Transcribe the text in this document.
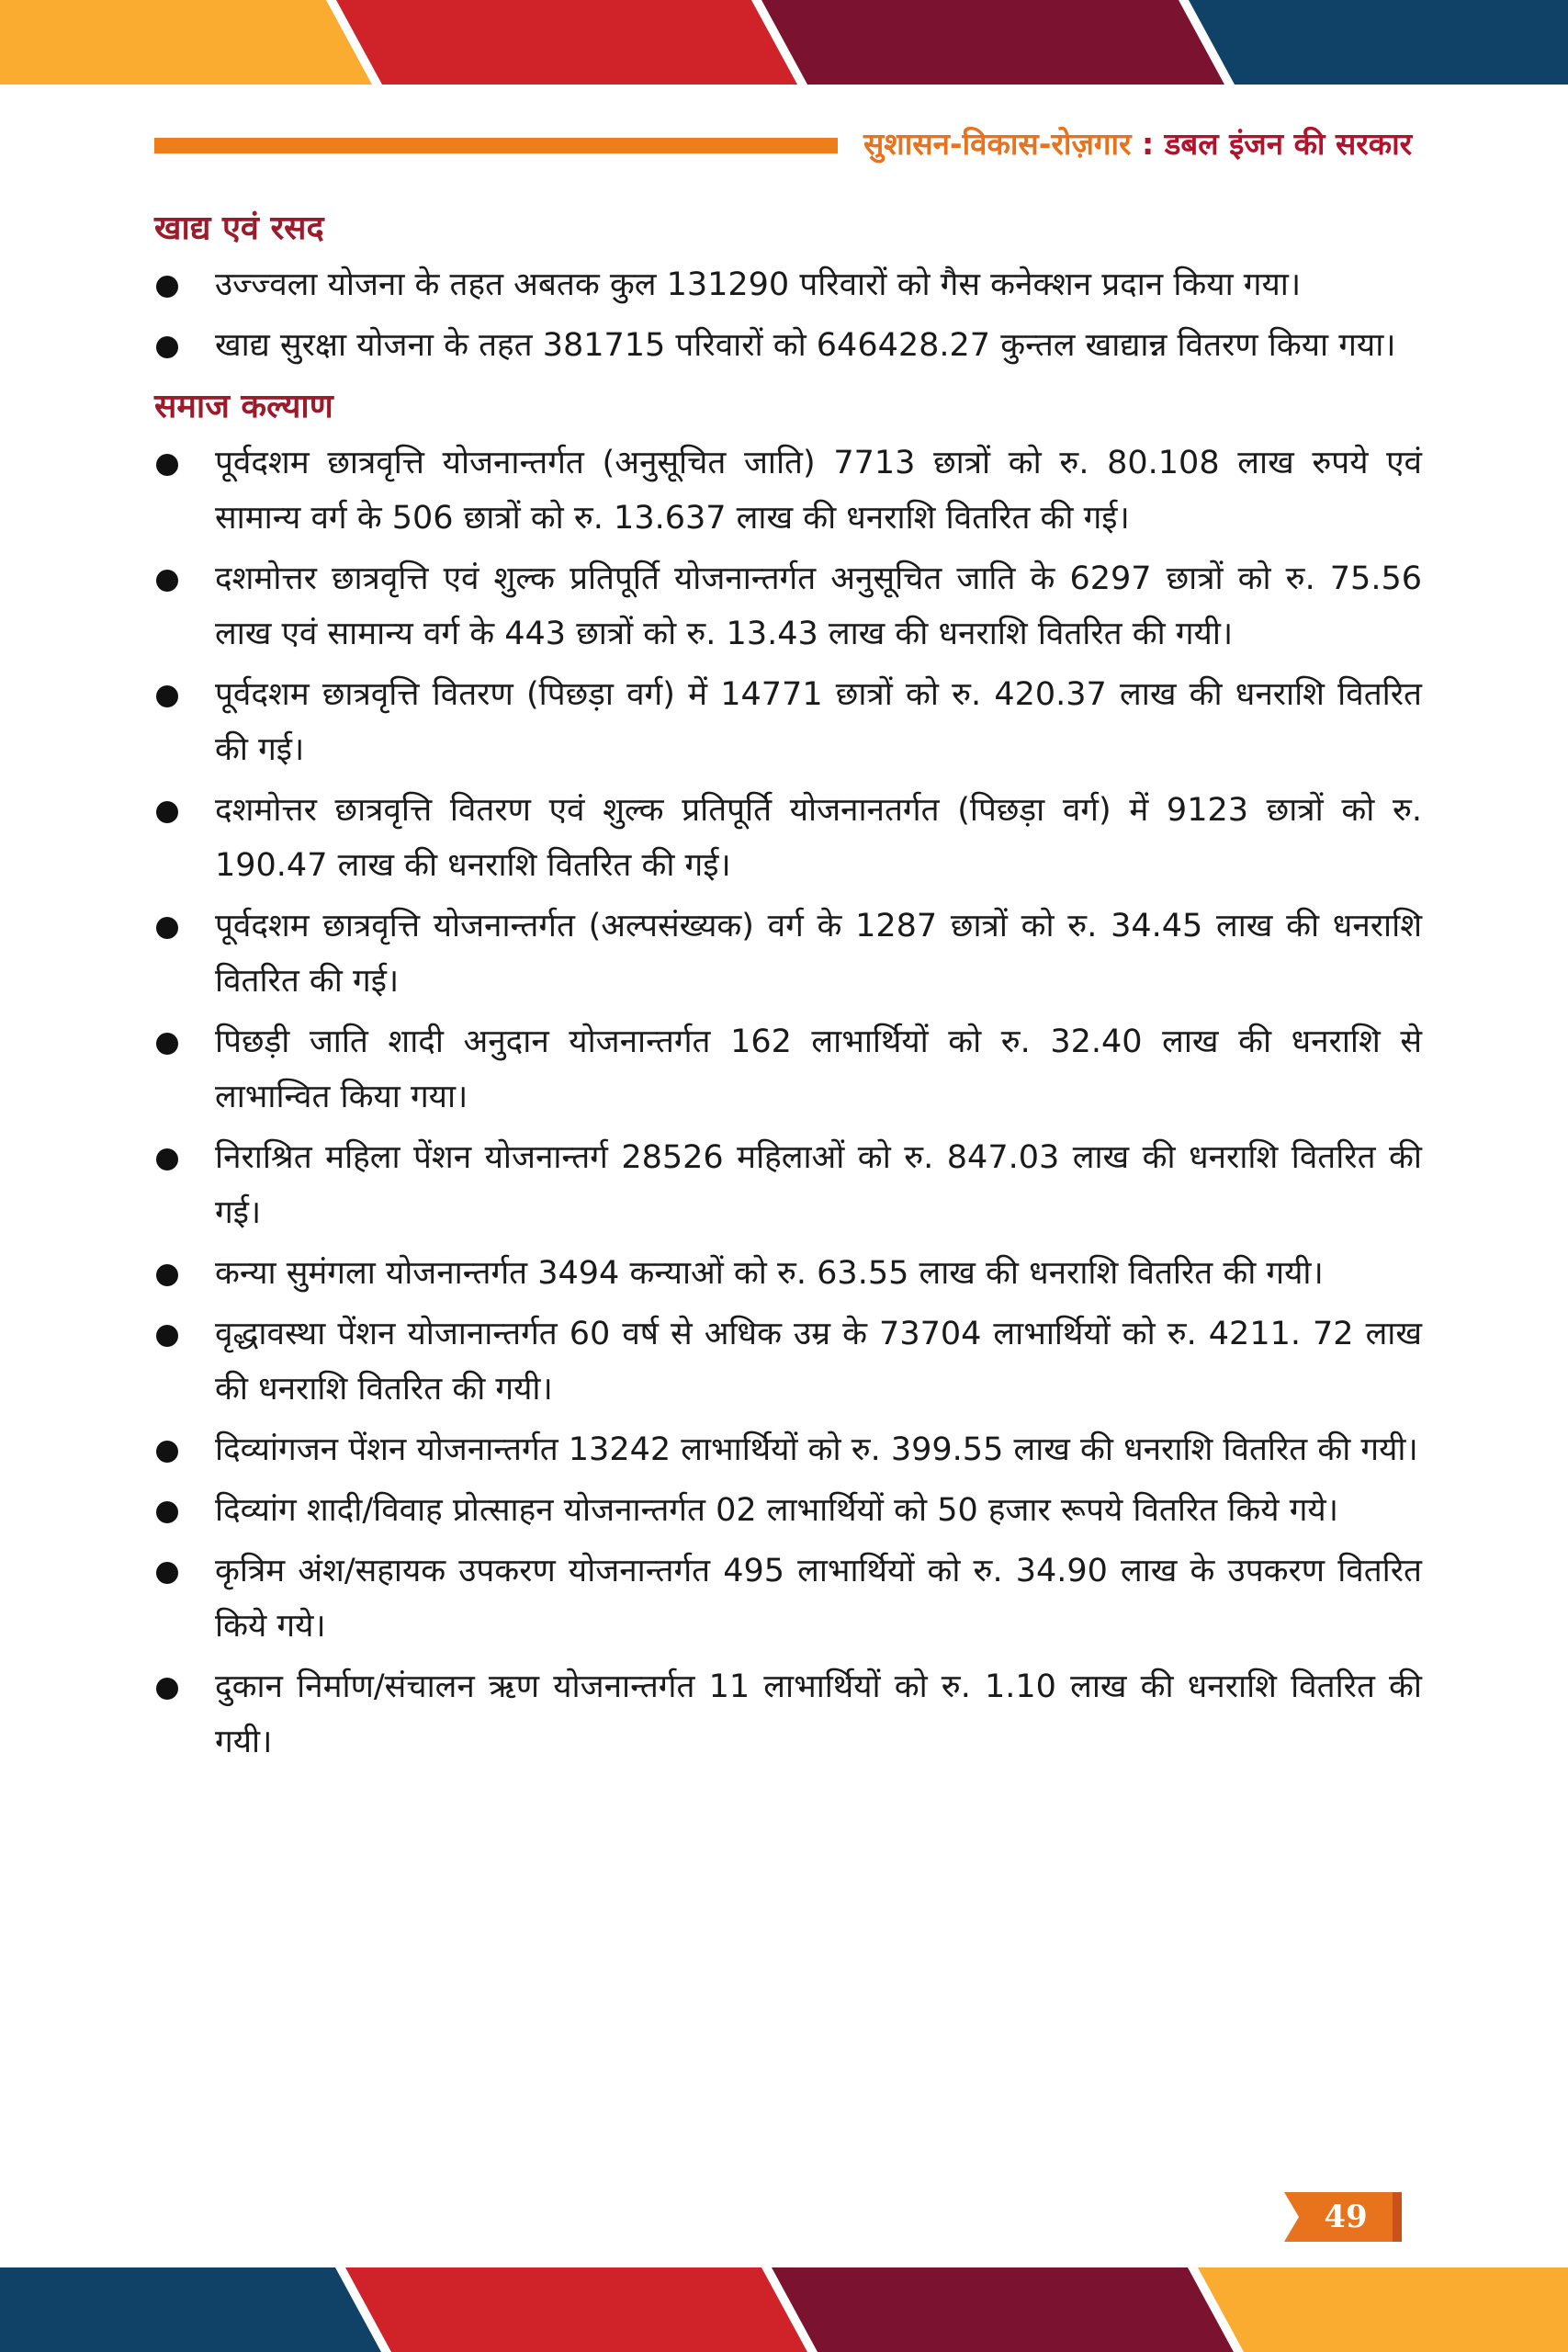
सुशासन-विकास-रोज़गार : डबल इंजन की सरकार
खाद्य एवं रसद
उज्ज्वला योजना के तहत अबतक कुल 131290 परिवारों को गैस कनेक्शन प्रदान किया गया।
खाद्य सुरक्षा योजना के तहत 381715 परिवारों को 646428.27 कुन्तल खाद्यान्न वितरण किया गया।
समाज कल्याण
पूर्वदशम छात्रवृत्ति योजनान्तर्गत (अनुसूचित जाति) 7713 छात्रों को रु. 80.108 लाख रुपये एवं सामान्य वर्ग के 506 छात्रों को रु. 13.637 लाख की धनराशि वितरित की गई।
दशमोत्तर छात्रवृत्ति एवं शुल्क प्रतिपूर्ति योजनान्तर्गत अनुसूचित जाति के 6297 छात्रों को रु. 75.56 लाख एवं सामान्य वर्ग के 443 छात्रों को रु. 13.43 लाख की धनराशि वितरित की गयी।
पूर्वदशम छात्रवृत्ति वितरण (पिछड़ा वर्ग) में 14771 छात्रों को रु. 420.37 लाख की धनराशि वितरित की गई।
दशमोत्तर छात्रवृत्ति वितरण एवं शुल्क प्रतिपूर्ति योजनानतर्गत (पिछड़ा वर्ग) में 9123 छात्रों को रु. 190.47 लाख की धनराशि वितरित की गई।
पूर्वदशम छात्रवृत्ति योजनान्तर्गत (अल्पसंख्यक) वर्ग के 1287 छात्रों को रु. 34.45 लाख की धनराशि वितरित की गई।
पिछड़ी जाति शादी अनुदान योजनान्तर्गत 162 लाभार्थियों को रु. 32.40 लाख की धनराशि से लाभान्वित किया गया।
निराश्रित महिला पेंशन योजनान्तर्ग 28526 महिलाओं को रु. 847.03 लाख की धनराशि वितरित की गई।
कन्या सुमंगला योजनान्तर्गत 3494 कन्याओं को रु. 63.55 लाख की धनराशि वितरित की गयी।
वृद्धावस्था पेंशन योजानान्तर्गत 60 वर्ष से अधिक उम्र के 73704 लाभार्थियों को रु. 4211. 72 लाख की धनराशि वितरित की गयी।
दिव्यांगजन पेंशन योजनान्तर्गत 13242 लाभार्थियों को रु. 399.55 लाख की धनराशि वितरित की गयी।
दिव्यांग शादी/विवाह प्रोत्साहन योजनान्तर्गत 02 लाभार्थियों को 50 हजार रूपये वितरित किये गये।
कृत्रिम अंश/सहायक उपकरण योजनान्तर्गत 495 लाभार्थियों को रु. 34.90 लाख के उपकरण वितरित किये गये।
दुकान निर्माण/संचालन ऋण योजनान्तर्गत 11 लाभार्थियों को रु. 1.10 लाख की धनराशि वितरित की गयी।
49
